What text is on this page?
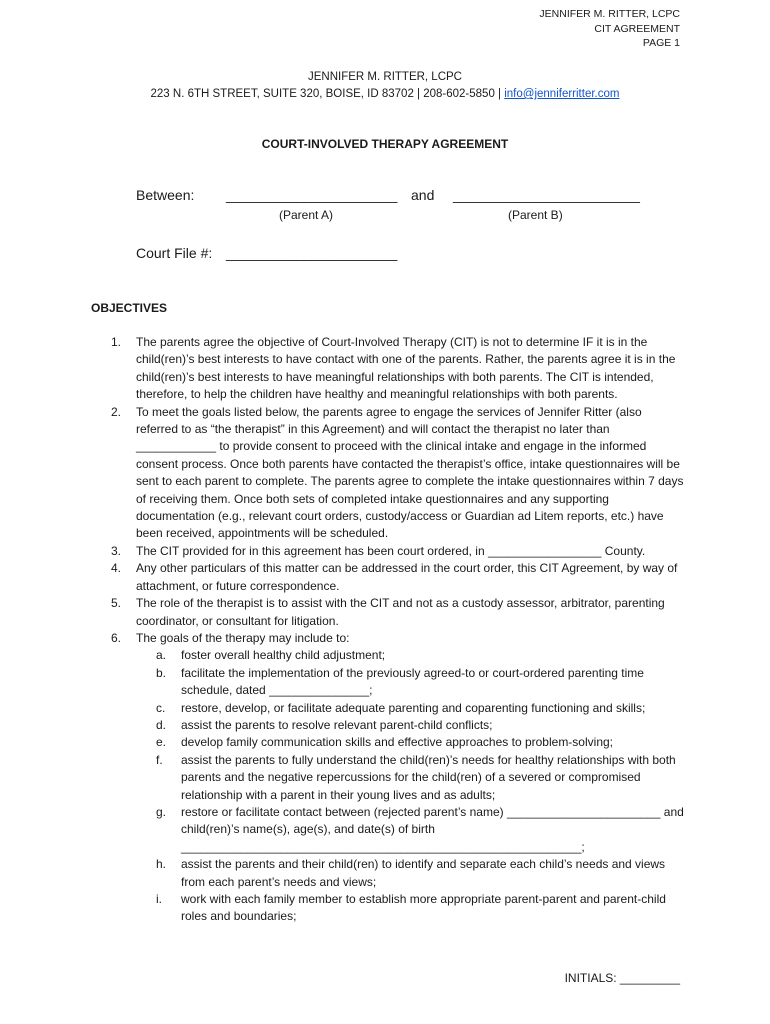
JENNIFER M. RITTER, LCPC
CIT AGREEMENT
PAGE 1
JENNIFER M. RITTER, LCPC
223 N. 6TH STREET, SUITE 320, BOISE, ID 83702 | 208-602-5850 | info@jenniferritter.com
COURT-INVOLVED THERAPY AGREEMENT
Between: ______________________ and ________________________
(Parent A)	(Parent B)
Court File #: ______________________
OBJECTIVES
1. The parents agree the objective of Court-Involved Therapy (CIT) is not to determine IF it is in the child(ren)’s best interests to have contact with one of the parents. Rather, the parents agree it is in the child(ren)’s best interests to have meaningful relationships with both parents. The CIT is intended, therefore, to help the children have healthy and meaningful relationships with both parents.
2. To meet the goals listed below, the parents agree to engage the services of Jennifer Ritter (also referred to as “the therapist” in this Agreement) and will contact the therapist no later than ____________ to provide consent to proceed with the clinical intake and engage in the informed consent process. Once both parents have contacted the therapist’s office, intake questionnaires will be sent to each parent to complete. The parents agree to complete the intake questionnaires within 7 days of receiving them. Once both sets of completed intake questionnaires and any supporting documentation (e.g., relevant court orders, custody/access or Guardian ad Litem reports, etc.) have been received, appointments will be scheduled.
3. The CIT provided for in this agreement has been court ordered, in _________________ County.
4. Any other particulars of this matter can be addressed in the court order, this CIT Agreement, by way of attachment, or future correspondence.
5. The role of the therapist is to assist with the CIT and not as a custody assessor, arbitrator, parenting coordinator, or consultant for litigation.
6. The goals of the therapy may include to:
a. foster overall healthy child adjustment;
b. facilitate the implementation of the previously agreed-to or court-ordered parenting time schedule, dated _______________;
c. restore, develop, or facilitate adequate parenting and coparenting functioning and skills;
d. assist the parents to resolve relevant parent-child conflicts;
e. develop family communication skills and effective approaches to problem-solving;
f. assist the parents to fully understand the child(ren)’s needs for healthy relationships with both parents and the negative repercussions for the child(ren) of a severed or compromised relationship with a parent in their young lives and as adults;
g. restore or facilitate contact between (rejected parent’s name) _______________________ and child(ren)’s name(s), age(s), and date(s) of birth ____________________________________________________________;
h. assist the parents and their child(ren) to identify and separate each child’s needs and views from each parent’s needs and views;
i. work with each family member to establish more appropriate parent-parent and parent-child roles and boundaries;
INITIALS: _________
